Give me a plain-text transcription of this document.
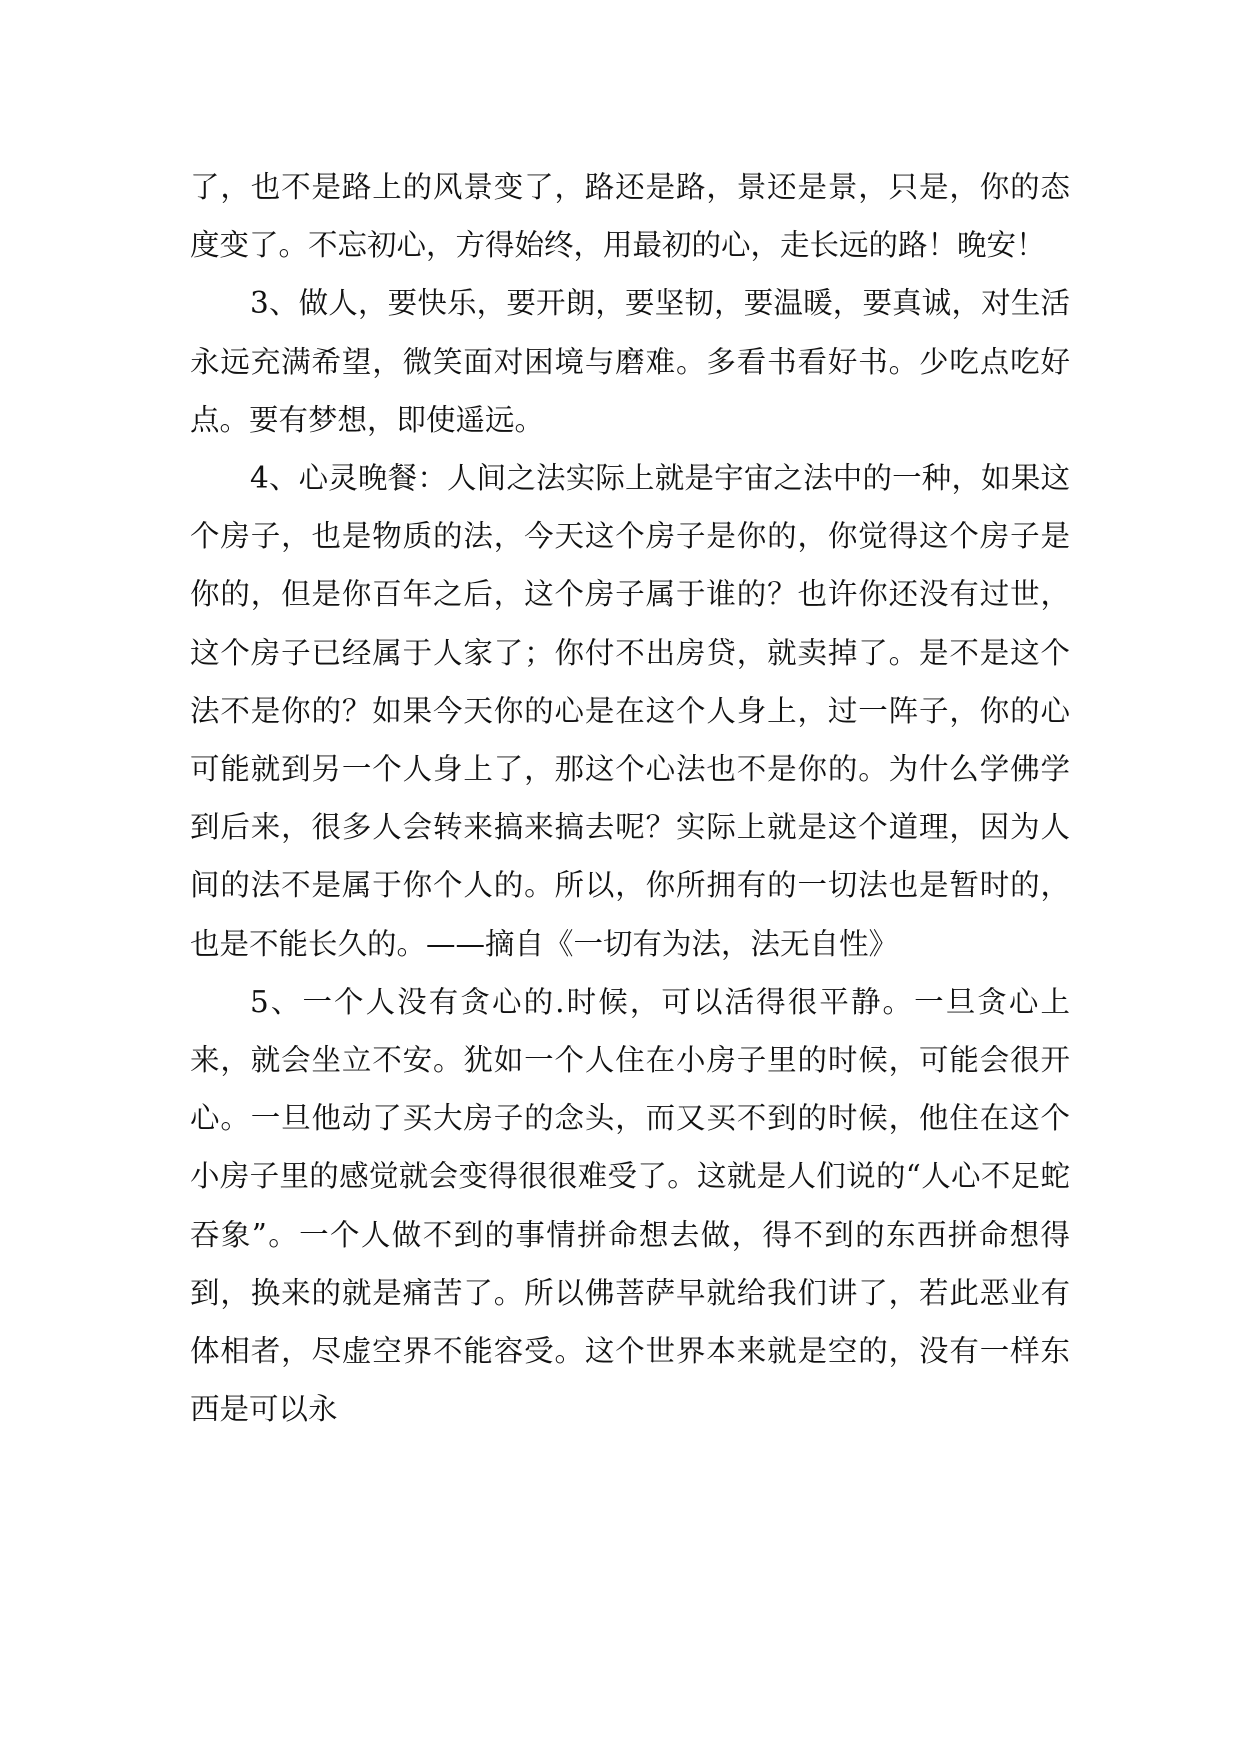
了，也不是路上的风景变了，路还是路，景还是景，只是，你的态度变了。不忘初心，方得始终，用最初的心，走长远的路！晚安！

3、做人，要快乐，要开朗，要坚韧，要温暖，要真诚，对生活永远充满希望，微笑面对困境与磨难。多看书看好书。少吃点吃好点。要有梦想，即使遥远。

4、心灵晚餐：人间之法实际上就是宇宙之法中的一种，如果这个房子，也是物质的法，今天这个房子是你的，你觉得这个房子是你的，但是你百年之后，这个房子属于谁的？也许你还没有过世，这个房子已经属于人家了；你付不出房贷，就卖掉了。是不是这个法不是你的？如果今天你的心是在这个人身上，过一阵子，你的心可能就到另一个人身上了，那这个心法也不是你的。为什么学佛学到后来，很多人会转来搞来搞去呢？实际上就是这个道理，因为人间的法不是属于你个人的。所以，你所拥有的一切法也是暂时的，也是不能长久的。——摘自《一切有为法，法无自性》

5、一个人没有贪心的.时候，可以活得很平静。一旦贪心上来，就会坐立不安。犹如一个人住在小房子里的时候，可能会很开心。一旦他动了买大房子的念头，而又买不到的时候，他住在这个小房子里的感觉就会变得很很难受了。这就是人们说的“人心不足蛇吞象”。一个人做不到的事情拼命想去做，得不到的东西拼命想得到，换来的就是痛苦了。所以佛菩萨早就给我们讲了，若此恶业有体相者，尽虚空界不能容受。这个世界本来就是空的，没有一样东西是可以永
